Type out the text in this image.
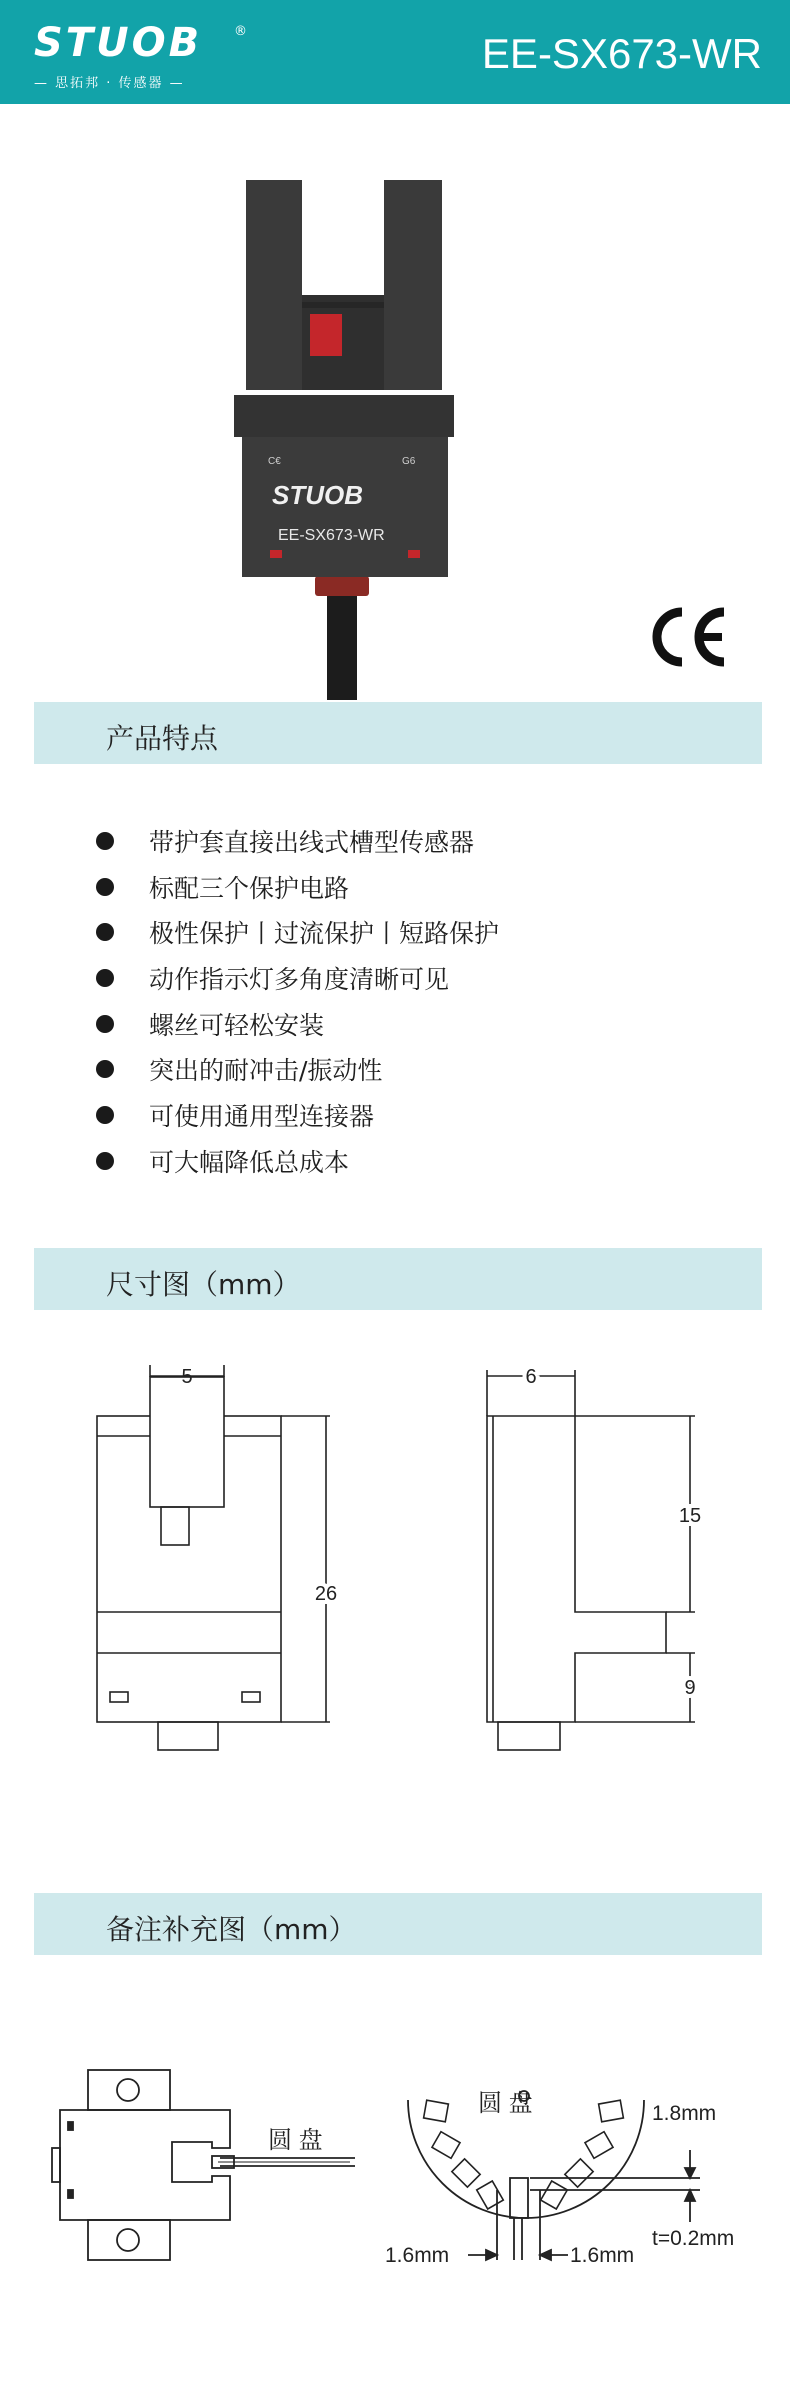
STUOB ®
— 思拓邦 · 传感器 —
EE-SX673-WR
C€	G6
STUOB
EE-SX673-WR
CE
产品特点
带护套直接出线式槽型传感器
标配三个保护电路
极性保护丨过流保护丨短路保护
动作指示灯多角度清晰可见
螺丝可轻松安装
突出的耐冲击/振动性
可使用通用型连接器
可大幅降低总成本
尺寸图（mm）
5
26
6
15
9
备注补充图（mm）
圆 盘
圆 盘	1.8mm
t=0.2mm
1.6mm	1.6mm
